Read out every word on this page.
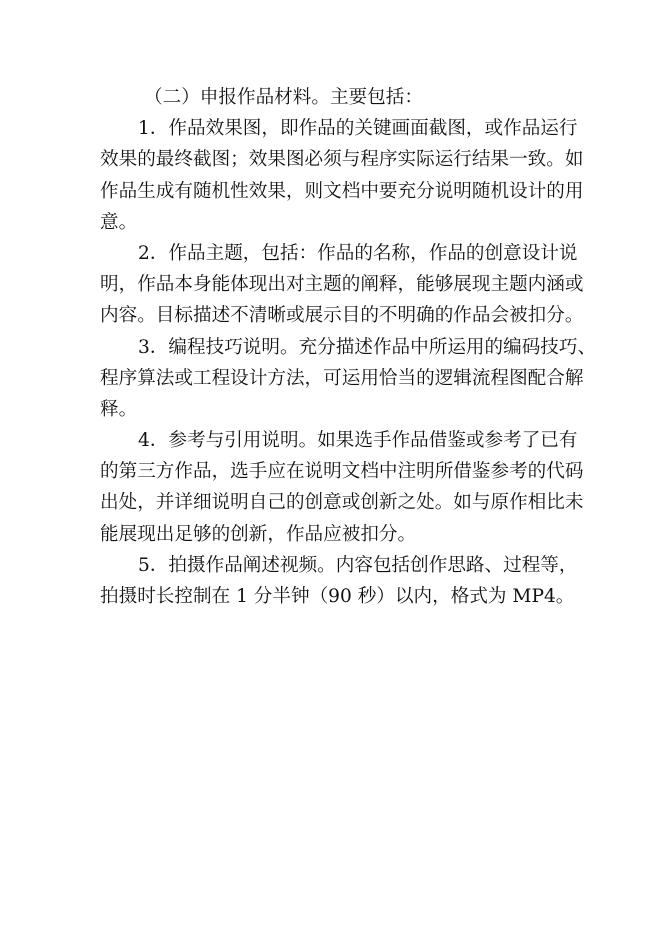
（二）申报作品材料。主要包括：
1．作品效果图，即作品的关键画面截图，或作品运行
效果的最终截图；效果图必须与程序实际运行结果一致。如
作品生成有随机性效果，则文档中要充分说明随机设计的用
意。
2．作品主题，包括：作品的名称，作品的创意设计说
明，作品本身能体现出对主题的阐释，能够展现主题内涵或
内容。目标描述不清晰或展示目的不明确的作品会被扣分。
3．编程技巧说明。充分描述作品中所运用的编码技巧、
程序算法或工程设计方法，可运用恰当的逻辑流程图配合解
释。
4．参考与引用说明。如果选手作品借鉴或参考了已有
的第三方作品，选手应在说明文档中注明所借鉴参考的代码
出处，并详细说明自己的创意或创新之处。如与原作相比未
能展现出足够的创新，作品应被扣分。
5．拍摄作品阐述视频。内容包括创作思路、过程等，
拍摄时长控制在 1 分半钟（90 秒）以内，格式为 MP4。
